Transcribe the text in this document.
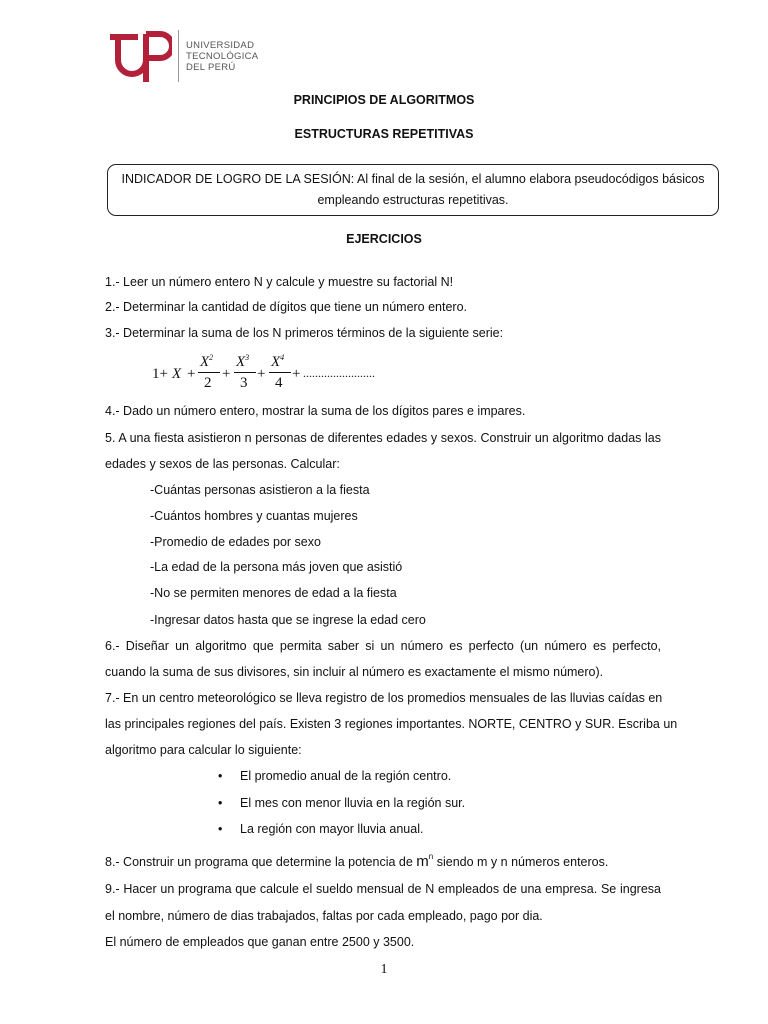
UNIVERSIDAD
TECNOLÓGICA
DEL PERÚ
PRINCIPIOS DE ALGORITMOS
ESTRUCTURAS REPETITIVAS
INDICADOR DE LOGRO DE LA SESIÓN: Al final de la sesión, el alumno elabora pseudocódigos básicos
empleando estructuras repetitivas.
EJERCICIOS
1.- Leer un número entero N y calcule y muestre su factorial N!
2.- Determinar la cantidad de dígitos que tiene un número entero.
3.- Determinar la suma de los N primeros términos de la siguiente serie:
1+ X +
$X^2$
2
+
$X^3$
3
+
$X^4$
4
+ ........................
4.- Dado un número entero, mostrar la suma de los dígitos pares e impares.
5. A una fiesta asistieron n personas de diferentes edades y sexos. Construir un algoritmo dadas las
edades y sexos de las personas. Calcular:
-Cuántas personas asistieron a la fiesta
-Cuántos hombres y cuantas mujeres
-Promedio de edades por sexo
-La edad de la persona más joven que asistió
-No se permiten menores de edad a la fiesta
-Ingresar datos hasta que se ingrese la edad cero
6.- Diseñar un algoritmo que permita saber si un número es perfecto (un número es perfecto,
cuando la suma de sus divisores, sin incluir al número es exactamente el mismo número).
7.- En un centro meteorológico se lleva registro de los promedios mensuales de las lluvias caídas en
las principales regiones del país. Existen 3 regiones importantes. NORTE, CENTRO y SUR. Escriba un
algoritmo para calcular lo siguiente:
• El promedio anual de la región centro.
• El mes con menor lluvia en la región sur.
• La región con mayor lluvia anual.
8.- Construir un programa que determine la potencia de $m^n$ siendo m y n números enteros.
9.- Hacer un programa que calcule el sueldo mensual de N empleados de una empresa. Se ingresa
el nombre, número de dias trabajados, faltas por cada empleado, pago por dia.
El número de empleados que ganan entre 2500 y 3500.
1
